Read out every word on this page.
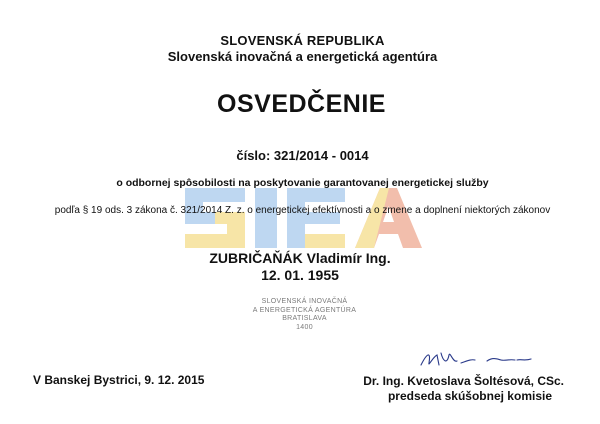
SLOVENSKÁ REPUBLIKA
Slovenská inovačná a energetická agentúra
OSVEDČENIE
číslo: 321/2014 - 0014
o odbornej spôsobilosti na poskytovanie garantovanej energetickej služby
podľa § 19 ods. 3 zákona č. 321/2014 Z. z. o energetickej efektívnosti a o zmene a doplnení niektorých zákonov
ZUBRIČAŇÁK Vladimír Ing.
12. 01. 1955
SLOVENSKÁ INOVAČNÁ
A ENERGETICKÁ AGENTÚRA
BRATISLAVA
1400
V Banskej Bystrici, 9. 12. 2015	Dr. Ing. Kvetoslava Šoltésová, CSc.
predseda skúšobnej komisie
